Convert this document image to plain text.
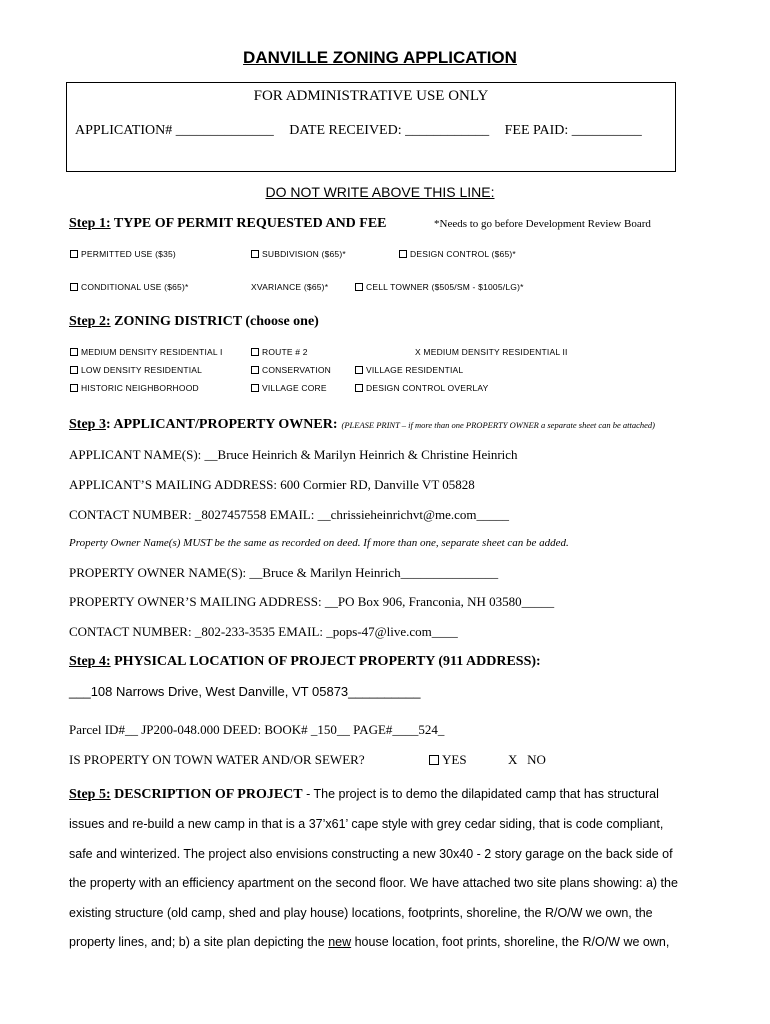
DANVILLE ZONING APPLICATION
FOR ADMINISTRATIVE USE ONLY
APPLICATION# ______________ DATE RECEIVED: ____________ FEE PAID: __________
DO NOT WRITE ABOVE THIS LINE:
Step 1: TYPE OF PERMIT REQUESTED AND FEE	*Needs to go before Development Review Board
PERMITTED USE ($35)	SUBDIVISION ($65)*	DESIGN CONTROL ($65)*
CONDITIONAL USE ($65)*	XVARIANCE ($65)*	CELL TOWNER ($505/SM - $1005/LG)*
Step 2: ZONING DISTRICT (choose one)
MEDIUM DENSITY RESIDENTIAL I	ROUTE # 2	X MEDIUM DENSITY RESIDENTIAL II
LOW DENSITY RESIDENTIAL	CONSERVATION	VILLAGE RESIDENTIAL
HISTORIC NEIGHBORHOOD	VILLAGE CORE	DESIGN CONTROL OVERLAY
Step 3: APPLICANT/PROPERTY OWNER: (PLEASE PRINT – if more than one PROPERTY OWNER a separate sheet can be attached)
APPLICANT NAME(S): __Bruce Heinrich & Marilyn Heinrich & Christine Heinrich
APPLICANT’S MAILING ADDRESS: 600 Cormier RD, Danville VT 05828
CONTACT NUMBER: _8027457558 EMAIL: __chrissieheinrichvt@me.com_____
Property Owner Name(s) MUST be the same as recorded on deed. If more than one, separate sheet can be added.
PROPERTY OWNER NAME(S): __Bruce & Marilyn Heinrich_______________
PROPERTY OWNER’S MAILING ADDRESS: __PO Box 906, Franconia, NH 03580_____
CONTACT NUMBER: _802-233-3535 EMAIL: _pops-47@live.com____
Step 4: PHYSICAL LOCATION OF PROJECT PROPERTY (911 ADDRESS):
___108 Narrows Drive, West Danville, VT 05873__________
Parcel ID#__ JP200-048.000 DEED: BOOK# _150__ PAGE#____524_
IS PROPERTY ON TOWN WATER AND/OR SEWER?	YES	X   NO
Step 5: DESCRIPTION OF PROJECT - The project is to demo the dilapidated camp that has structural
issues and re-build a new camp in that is a 37’x61’ cape style with grey cedar siding, that is code compliant,
safe and winterized. The project also envisions constructing a new 30x40 - 2 story garage on the back side of
the property with an efficiency apartment on the second floor. We have attached two site plans showing: a) the
existing structure (old camp, shed and play house) locations, footprints, shoreline, the R/O/W we own, the
property lines, and; b) a site plan depicting the new house location, foot prints, shoreline, the R/O/W we own,
